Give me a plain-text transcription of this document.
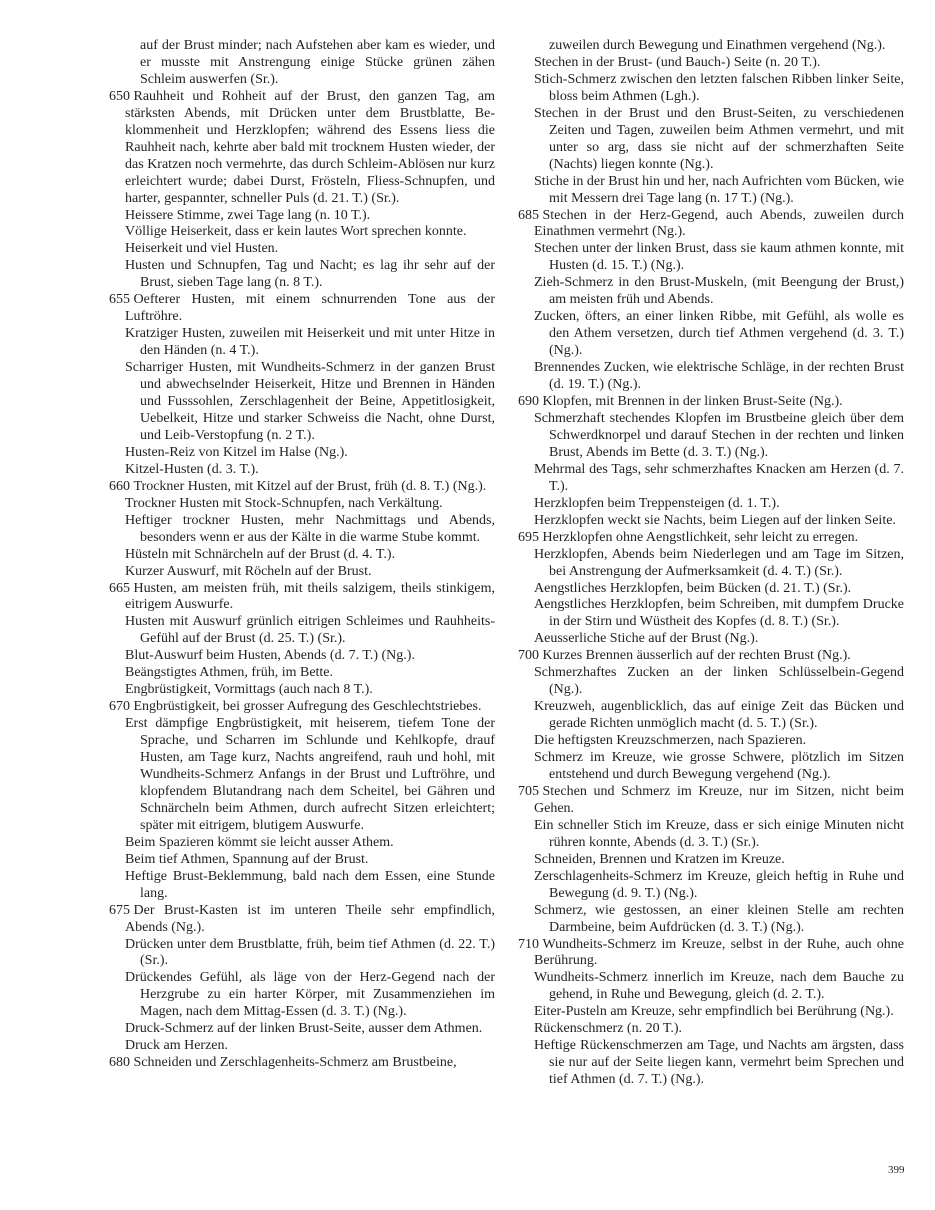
auf der Brust minder; nach Aufstehen aber kam es wieder, und er musste mit Anstrengung einige Stücke grünen zähen Schleim auswerfen (Sr.).

650 Rauhheit und Rohheit auf der Brust, den ganzen Tag, am stärksten Abends, mit Drücken unter dem Brustblatte, Beklommenheit und Herzklopfen; während des Essens liess die Rauhheit nach, kehrte aber bald mit trocknem Husten wieder, der das Kratzen noch vermehrte, das durch Schleim-Ablösen nur kurz erleichtert wurde; dabei Durst, Frösteln, Fliess-Schnupfen, und harter, gespannter, schneller Puls (d. 21. T.) (Sr.).

Heissere Stimme, zwei Tage lang (n. 10 T.).

Völlige Heiserkeit, dass er kein lautes Wort sprechen konnte.

Heiserkeit und viel Husten.

Husten und Schnupfen, Tag und Nacht; es lag ihr sehr auf der Brust, sieben Tage lang (n. 8 T.).

655 Oefterer Husten, mit einem schnurrenden Tone aus der Luftröhre.

Kratziger Husten, zuweilen mit Heiserkeit und mit unter Hitze in den Händen (n. 4 T.).

Scharriger Husten, mit Wundheits-Schmerz in der ganzen Brust und abwechselnder Heiserkeit, Hitze und Brennen in Händen und Fusssohlen, Zerschlagenheit der Beine, Appetitlosigkeit, Uebelkeit, Hitze und starker Schweiss die Nacht, ohne Durst, und Leib-Verstopfung (n. 2 T.).

Husten-Reiz von Kitzel im Halse (Ng.).

Kitzel-Husten (d. 3. T.).

660 Trockner Husten, mit Kitzel auf der Brust, früh (d. 8. T.) (Ng.).

Trockner Husten mit Stock-Schnupfen, nach Verkältung.

Heftiger trockner Husten, mehr Nachmittags und Abends, besonders wenn er aus der Kälte in die warme Stube kommt.

Hüsteln mit Schnärcheln auf der Brust (d. 4. T.).

Kurzer Auswurf, mit Röcheln auf der Brust.

665 Husten, am meisten früh, mit theils salzigem, theils stinkigem, eitrigem Auswurfe.

Husten mit Auswurf grünlich eitrigen Schleimes und Rauhheits-Gefühl auf der Brust (d. 25. T.) (Sr.).

Blut-Auswurf beim Husten, Abends (d. 7. T.) (Ng.).

Beängstigtes Athmen, früh, im Bette.

Engbrüstigkeit, Vormittags (auch nach 8 T.).

670 Engbrüstigkeit, bei grosser Aufregung des Geschlechtstriebes.

Erst dämpfige Engbrüstigkeit, mit heiserem, tiefem Tone der Sprache, und Scharren im Schlunde und Kehlkopfe, drauf Husten, am Tage kurz, Nachts angreifend, rauh und hohl, mit Wundheits-Schmerz Anfangs in der Brust und Luftröhre, und klopfendem Blutandrang nach dem Scheitel, bei Gähren und Schnärcheln beim Athmen, durch aufrecht Sitzen erleichtert; später mit eitrigem, blutigem Auswurfe.

Beim Spazieren kömmt sie leicht ausser Athem.

Beim tief Athmen, Spannung auf der Brust.

Heftige Brust-Beklemmung, bald nach dem Essen, eine Stunde lang.

675 Der Brust-Kasten ist im unteren Theile sehr empfindlich, Abends (Ng.).

Drücken unter dem Brustblatte, früh, beim tief Athmen (d. 22. T.) (Sr.).

Drückendes Gefühl, als läge von der Herz-Gegend nach der Herzgrube zu ein harter Körper, mit Zusammenziehen im Magen, nach dem Mittag-Essen (d. 3. T.) (Ng.).

Druck-Schmerz auf der linken Brust-Seite, ausser dem Athmen.

Druck am Herzen.

680 Schneiden und Zerschlagenheits-Schmerz am Brustbeine,

zuweilen durch Bewegung und Einathmen vergehend (Ng.).

Stechen in der Brust- (und Bauch-) Seite (n. 20 T.).

Stich-Schmerz zwischen den letzten falschen Ribben linker Seite, bloss beim Athmen (Lgh.).

Stechen in der Brust und den Brust-Seiten, zu verschiedenen Zeiten und Tagen, zuweilen beim Athmen vermehrt, und mit unter so arg, dass sie nicht auf der schmerzhaften Seite (Nachts) liegen konnte (Ng.).

Stiche in der Brust hin und her, nach Aufrichten vom Bücken, wie mit Messern drei Tage lang (n. 17 T.) (Ng.).

685 Stechen in der Herz-Gegend, auch Abends, zuweilen durch Einathmen vermehrt (Ng.).

Stechen unter der linken Brust, dass sie kaum athmen konnte, mit Husten (d. 15. T.) (Ng.).

Zieh-Schmerz in den Brust-Muskeln, (mit Beengung der Brust,) am meisten früh und Abends.

Zucken, öfters, an einer linken Ribbe, mit Gefühl, als wolle es den Athem versetzen, durch tief Athmen vergehend (d. 3. T.) (Ng.).

Brennendes Zucken, wie elektrische Schläge, in der rechten Brust (d. 19. T.) (Ng.).

690 Klopfen, mit Brennen in der linken Brust-Seite (Ng.).

Schmerzhaft stechendes Klopfen im Brustbeine gleich über dem Schwerdknorpel und darauf Stechen in der rechten und linken Brust, Abends im Bette (d. 3. T.) (Ng.).

Mehrmal des Tags, sehr schmerzhaftes Knacken am Herzen (d. 7. T.).

Herzklopfen beim Treppensteigen (d. 1. T.).

Herzklopfen weckt sie Nachts, beim Liegen auf der linken Seite.

695 Herzklopfen ohne Aengstlichkeit, sehr leicht zu erregen.

Herzklopfen, Abends beim Niederlegen und am Tage im Sitzen, bei Anstrengung der Aufmerksamkeit (d. 4. T.) (Sr.).

Aengstliches Herzklopfen, beim Bücken (d. 21. T.) (Sr.).

Aengstliches Herzklopfen, beim Schreiben, mit dumpfem Drucke in der Stirn und Wüstheit des Kopfes (d. 8. T.) (Sr.).

Aeusserliche Stiche auf der Brust (Ng.).

700 Kurzes Brennen äusserlich auf der rechten Brust (Ng.).

Schmerzhaftes Zucken an der linken Schlüsselbein-Gegend (Ng.).

Kreuzweh, augenblicklich, das auf einige Zeit das Bücken und gerade Richten unmöglich macht (d. 5. T.) (Sr.).

Die heftigsten Kreuzschmerzen, nach Spazieren.

Schmerz im Kreuze, wie grosse Schwere, plötzlich im Sitzen entstehend und durch Bewegung vergehend (Ng.).

705 Stechen und Schmerz im Kreuze, nur im Sitzen, nicht beim Gehen.

Ein schneller Stich im Kreuze, dass er sich einige Minuten nicht rühren konnte, Abends (d. 3. T.) (Sr.).

Schneiden, Brennen und Kratzen im Kreuze.

Zerschlagenheits-Schmerz im Kreuze, gleich heftig in Ruhe und Bewegung (d. 9. T.) (Ng.).

Schmerz, wie gestossen, an einer kleinen Stelle am rechten Darmbeine, beim Aufdrücken (d. 3. T.) (Ng.).

710 Wundheits-Schmerz im Kreuze, selbst in der Ruhe, auch ohne Berührung.

Wundheits-Schmerz innerlich im Kreuze, nach dem Bauche zu gehend, in Ruhe und Bewegung, gleich (d. 2. T.).

Eiter-Pusteln am Kreuze, sehr empfindlich bei Berührung (Ng.).

Rückenschmerz (n. 20 T.).

Heftige Rückenschmerzen am Tage, und Nachts am ärgsten, dass sie nur auf der Seite liegen kann, vermehrt beim Sprechen und tief Athmen (d. 7. T.) (Ng.).

399
